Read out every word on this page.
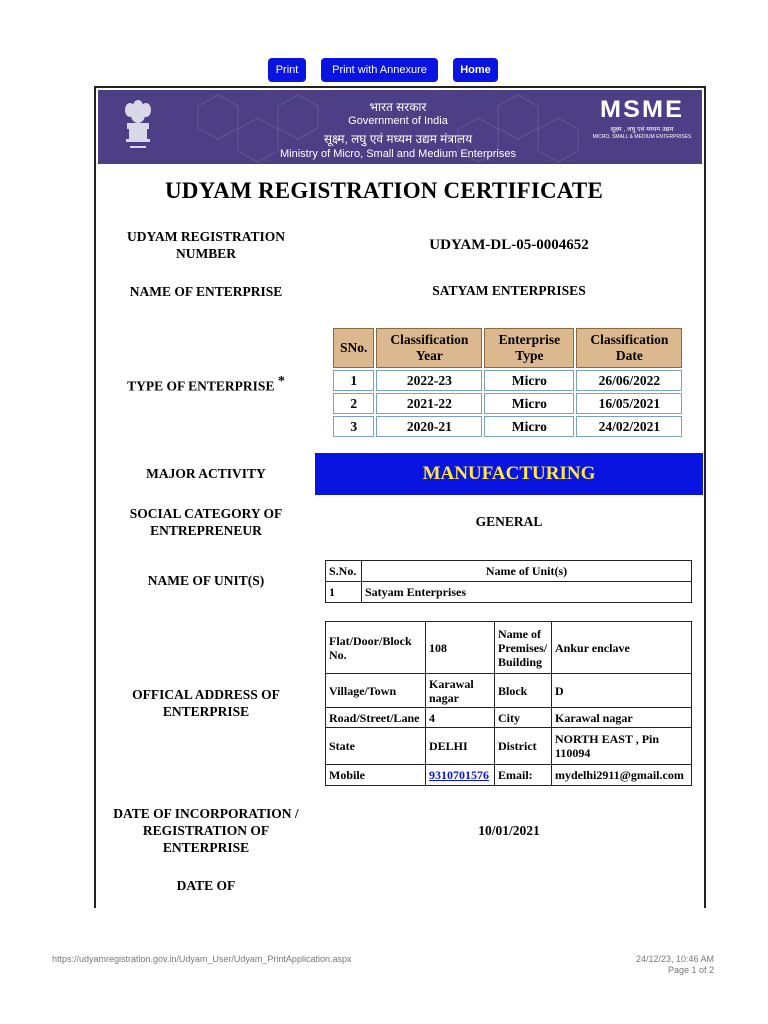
Print	Print with Annexure	Home
भारत सरकार
Government of India
सूक्ष्म, लघु एवं मध्यम उद्यम मंत्रालय
Ministry of Micro, Small and Medium Enterprises
MSME
सूक्ष्म , लघु एवं मध्यम उद्यम
MICRO, SMALL & MEDIUM ENTERPRISES
UDYAM REGISTRATION CERTIFICATE
UDYAM REGISTRATION NUMBER
UDYAM-DL-05-0004652
NAME OF ENTERPRISE	SATYAM ENTERPRISES
TYPE OF ENTERPRISE *
SNo.	Classification Year	Enterprise Type	Classification Date
1	2022-23	Micro	26/06/2022
2	2021-22	Micro	16/05/2021
3	2020-21	Micro	24/02/2021
MAJOR ACTIVITY	MANUFACTURING
SOCIAL CATEGORY OF ENTREPRENEUR
GENERAL
NAME OF UNIT(S)
S.No.	Name of Unit(s)
1	Satyam Enterprises
OFFICAL ADDRESS OF ENTERPRISE
Flat/Door/Block No.	108	Name of Premises/ Building	Ankur enclave
Village/Town	Karawal nagar	Block	D
Road/Street/Lane	4	City	Karawal nagar
State	DELHI	District	NORTH EAST , Pin 110094
Mobile	9310701576	Email:	mydelhi2911@gmail.com
DATE OF INCORPORATION / REGISTRATION OF ENTERPRISE
10/01/2021
DATE OF
https://udyamregistration.gov.in/Udyam_User/Udyam_PrintApplication.aspx	24/12/23, 10:46 AM
Page 1 of 2
